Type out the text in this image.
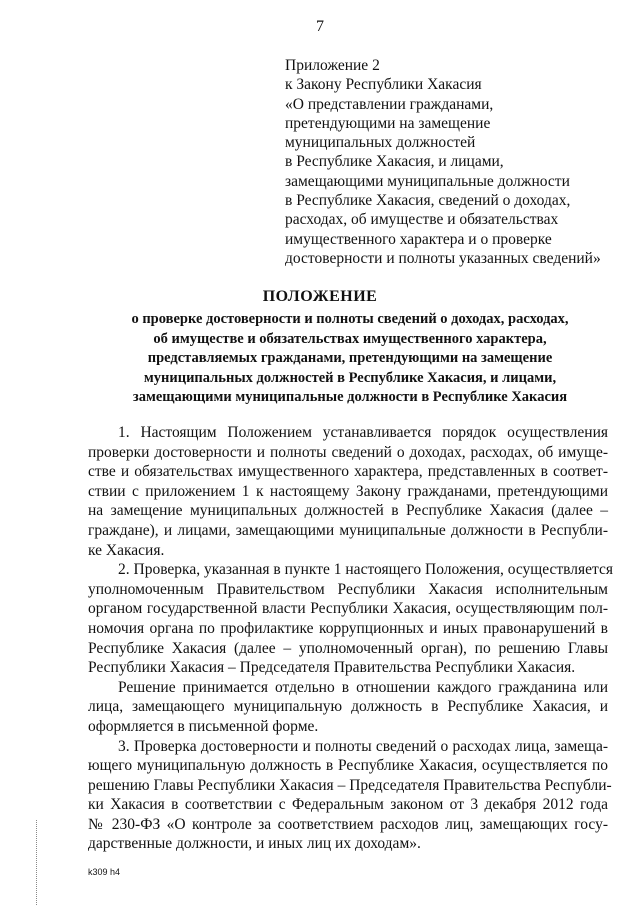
7
Приложение 2
к Закону Республики Хакасия
«О представлении гражданами,
претендующими на замещение
муниципальных должностей
в Республике Хакасия, и лицами,
замещающими муниципальные должности
в Республике Хакасия, сведений о доходах,
расходах, об имуществе и обязательствах
имущественного характера и о проверке
достоверности и полноты указанных сведений»
ПОЛОЖЕНИЕ
о проверке достоверности и полноты сведений о доходах, расходах,
об имуществе и обязательствах имущественного характера,
представляемых гражданами, претендующими на замещение
муниципальных должностей в Республике Хакасия, и лицами,
замещающими муниципальные должности в Республике Хакасия
1. Настоящим Положением устанавливается порядок осуществления
проверки достоверности и полноты сведений о доходах, расходах, об имуще-
стве и обязательствах имущественного характера, представленных в соответ-
ствии с приложением 1 к настоящему Закону гражданами, претендующими
на замещение муниципальных должностей в Республике Хакасия (далее –
граждане), и лицами, замещающими муниципальные должности в Республи-
ке Хакасия.
2. Проверка, указанная в пункте 1 настоящего Положения, осуществляется
уполномоченным Правительством Республики Хакасия исполнительным
органом государственной власти Республики Хакасия, осуществляющим пол-
номочия органа по профилактике коррупционных и иных правонарушений в
Республике Хакасия (далее – уполномоченный орган), по решению Главы
Республики Хакасия – Председателя Правительства Республики Хакасия.
Решение принимается отдельно в отношении каждого гражданина или
лица, замещающего муниципальную должность в Республике Хакасия, и
оформляется в письменной форме.
3. Проверка достоверности и полноты сведений о расходах лица, замеща-
ющего муниципальную должность в Республике Хакасия, осуществляется по
решению Главы Республики Хакасия – Председателя Правительства Республи-
ки Хакасия в соответствии с Федеральным законом от 3 декабря 2012 года
№ 230-ФЗ «О контроле за соответствием расходов лиц, замещающих госу-
дарственные должности, и иных лиц их доходам».
k309 h4
